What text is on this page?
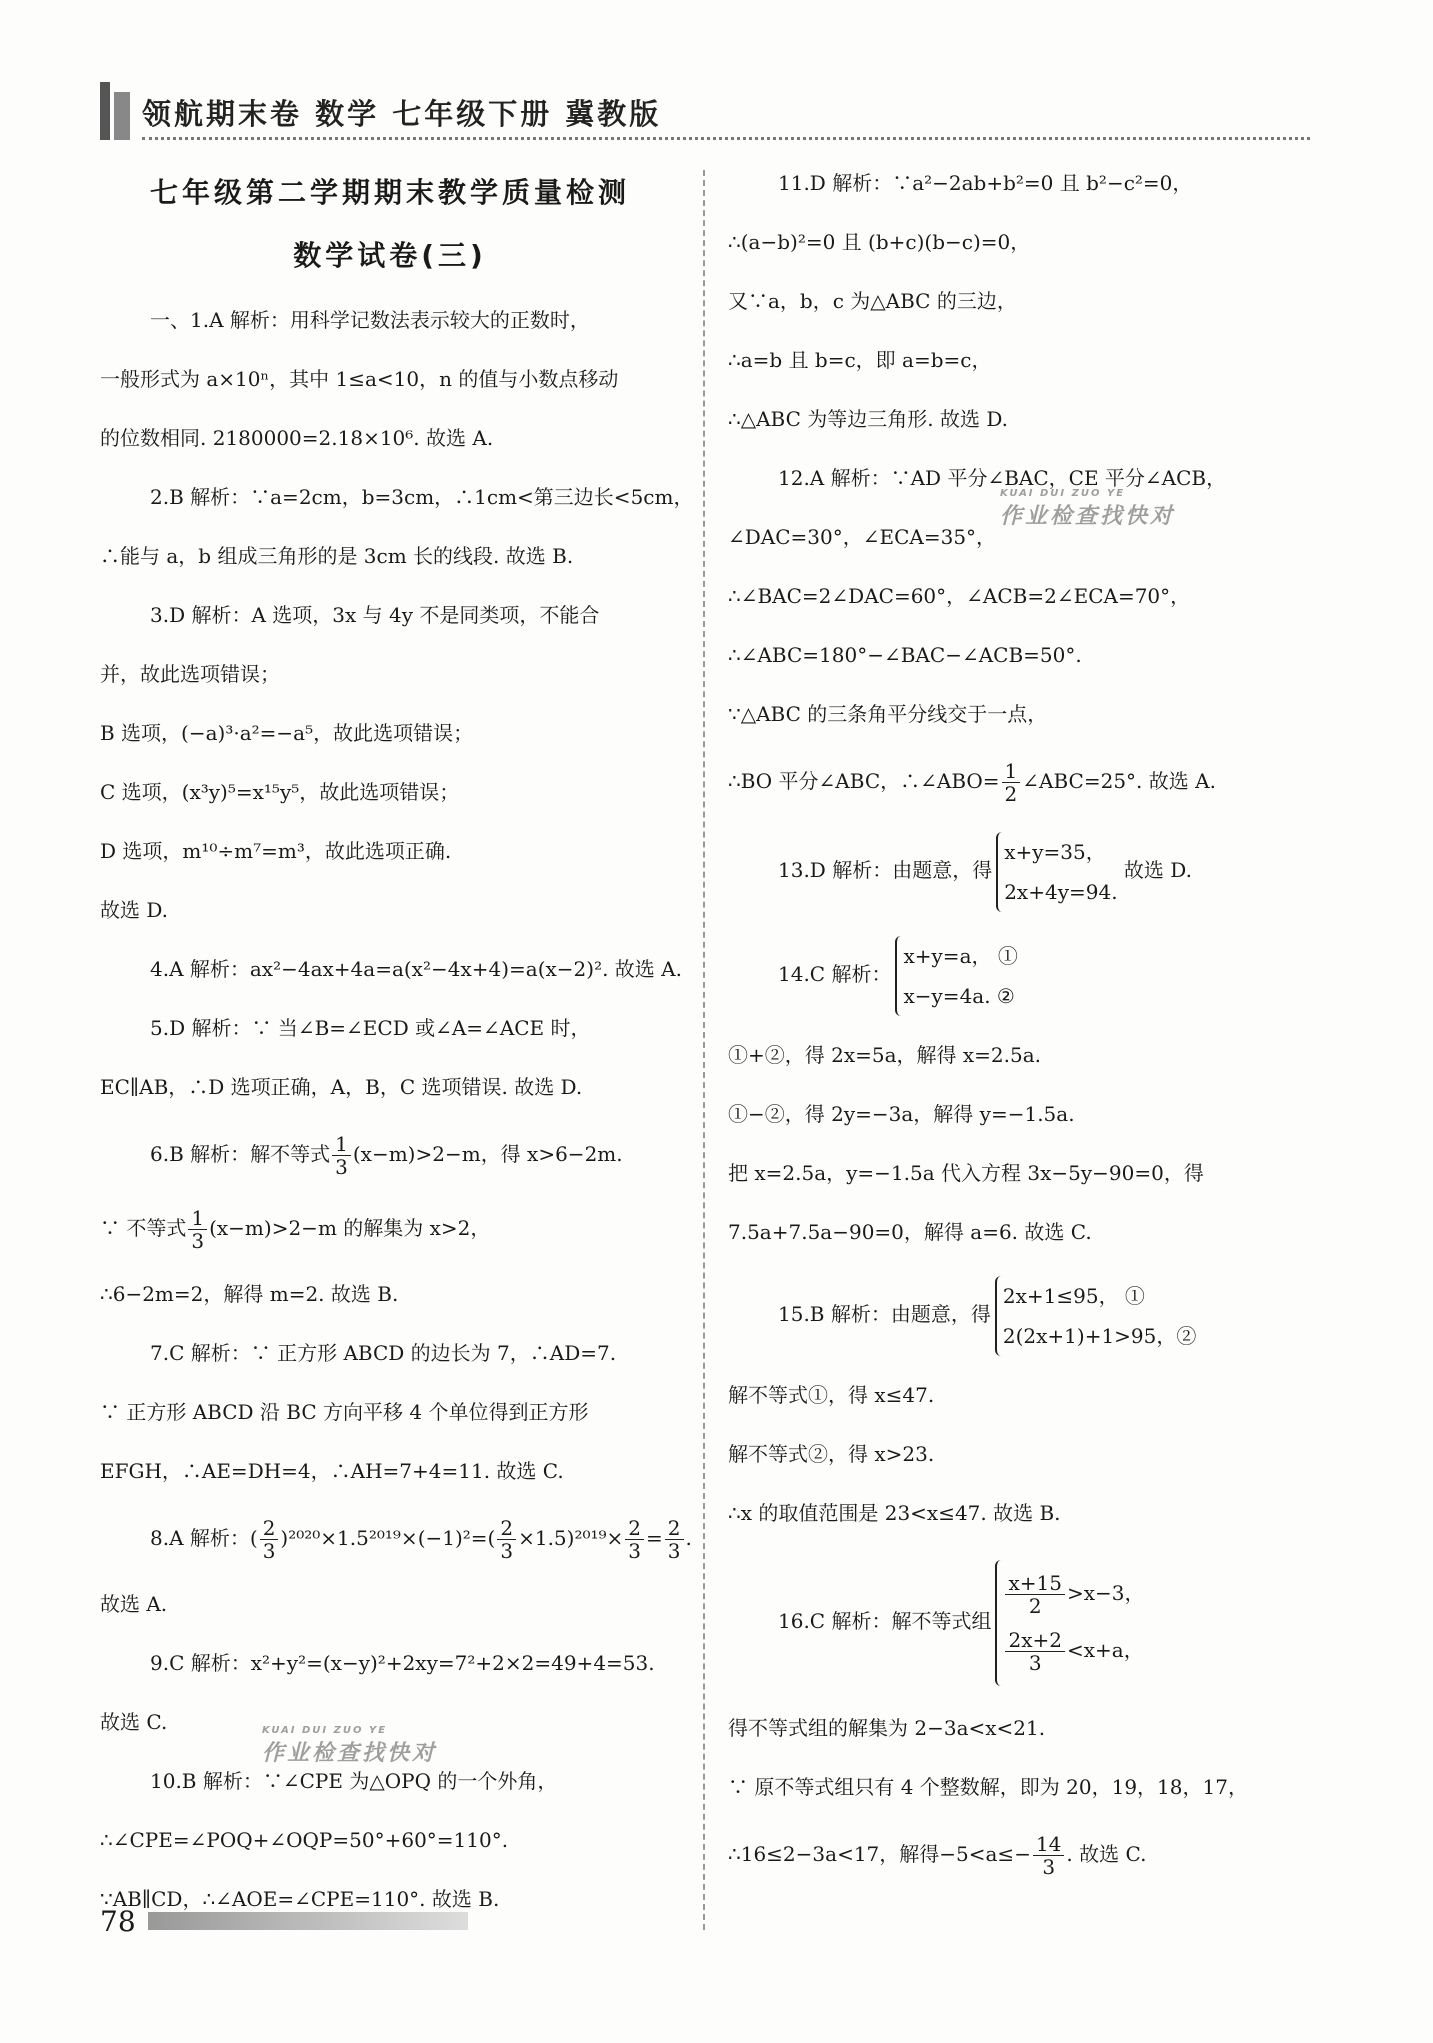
领航期末卷 数学 七年级下册 冀教版
七年级第二学期期末教学质量检测
数学试卷(三)
一、1.A 解析：用科学记数法表示较大的正数时，
一般形式为 a×10ⁿ，其中 1≤a<10，n 的值与小数点移动
的位数相同. 2180000=2.18×10⁶. 故选 A.
2.B 解析：∵a=2cm，b=3cm，∴1cm<第三边长<5cm，
∴能与 a，b 组成三角形的是 3cm 长的线段. 故选 B.
3.D 解析：A 选项，3x 与 4y 不是同类项，不能合
并，故此选项错误；
B 选项，(−a)³·a²=−a⁵，故此选项错误；
C 选项，(x³y)⁵=x¹⁵y⁵，故此选项错误；
D 选项，m¹⁰÷m⁷=m³，故此选项正确.
故选 D.
4.A 解析：ax²−4ax+4a=a(x²−4x+4)=a(x−2)². 故选 A.
5.D 解析：∵ 当∠B=∠ECD 或∠A=∠ACE 时，
EC∥AB，∴D 选项正确，A，B，C 选项错误. 故选 D.
6.B 解析：解不等式 $\frac{1}{3} (x-m)>2-m$，得 x>6−2m.
∵ 不等式 $\frac{1}{3} (x-m)>2-m$ 的解集为 x>2，
∴6−2m=2，解得 m=2. 故选 B.
7.C 解析：∵ 正方形 ABCD 的边长为 7，∴AD=7.
∵ 正方形 ABCD 沿 BC 方向平移 4 个单位得到正方形
EFGH，∴AE=DH=4，∴AH=7+4=11. 故选 C.
8.A 解析：( $\frac{2}{3} )^{2020}\times 1.5^{2019}\times(-1)^2=( \frac{2}{3} \times 1.5)^{2019}\times \frac{2}{3} = \frac{2}{3}$ .
故选 A.
9.C 解析：x²+y²=(x−y)²+2xy=7²+2×2=49+4=53.
故选 C.
10.B 解析：∵∠CPE 为△OPQ 的一个外角，
∴∠CPE=∠POQ+∠OQP=50°+60°=110°.
∵AB∥CD，∴∠AOE=∠CPE=110°. 故选 B.
11.D 解析：∵a²−2ab+b²=0 且 b²−c²=0，
∴(a−b)²=0 且 (b+c)(b−c)=0，
又∵a，b，c 为△ABC 的三边，
∴a=b 且 b=c，即 a=b=c，
∴△ABC 为等边三角形. 故选 D.
12.A 解析：∵AD 平分∠BAC，CE 平分∠ACB，
∠DAC=30°，∠ECA=35°，
∴∠BAC=2∠DAC=60°，∠ACB=2∠ECA=70°，
∴∠ABC=180°−∠BAC−∠ACB=50°.
∵△ABC 的三条角平分线交于一点，
∴BO 平分∠ABC，∴∠ABO= $\frac{1}{2}$ ∠ABC=25°. 故选 A.
13.D 解析：由题意，得
x+y=35，
2x+4y=94.
故选 D.
14.C 解析：
x+y=a， ①
x−y=4a. ②
①+②，得 2x=5a，解得 x=2.5a.
①−②，得 2y=−3a，解得 y=−1.5a.
把 x=2.5a，y=−1.5a 代入方程 3x−5y−90=0，得
7.5a+7.5a−90=0，解得 a=6. 故选 C.
15.B 解析：由题意，得
2x+1≤95， ①
2(2x+1)+1>95，②
解不等式①，得 x≤47.
解不等式②，得 x>23.
∴x 的取值范围是 23<x≤47. 故选 B.
16.C 解析：解不等式组
$\frac{x+15}{2} >x-3$，
$\frac{2x+2}{3} <x+a$，
得不等式组的解集为 2−3a<x<21.
∵ 原不等式组只有 4 个整数解，即为 20，19，18，17，
∴16≤2−3a<17，解得$-5<a\le- \frac{14}{3}$ . 故选 C.
KUAI DUI ZUO YE
作业检查找快对
KUAI DUI ZUO YE
作业检查找快对
78
